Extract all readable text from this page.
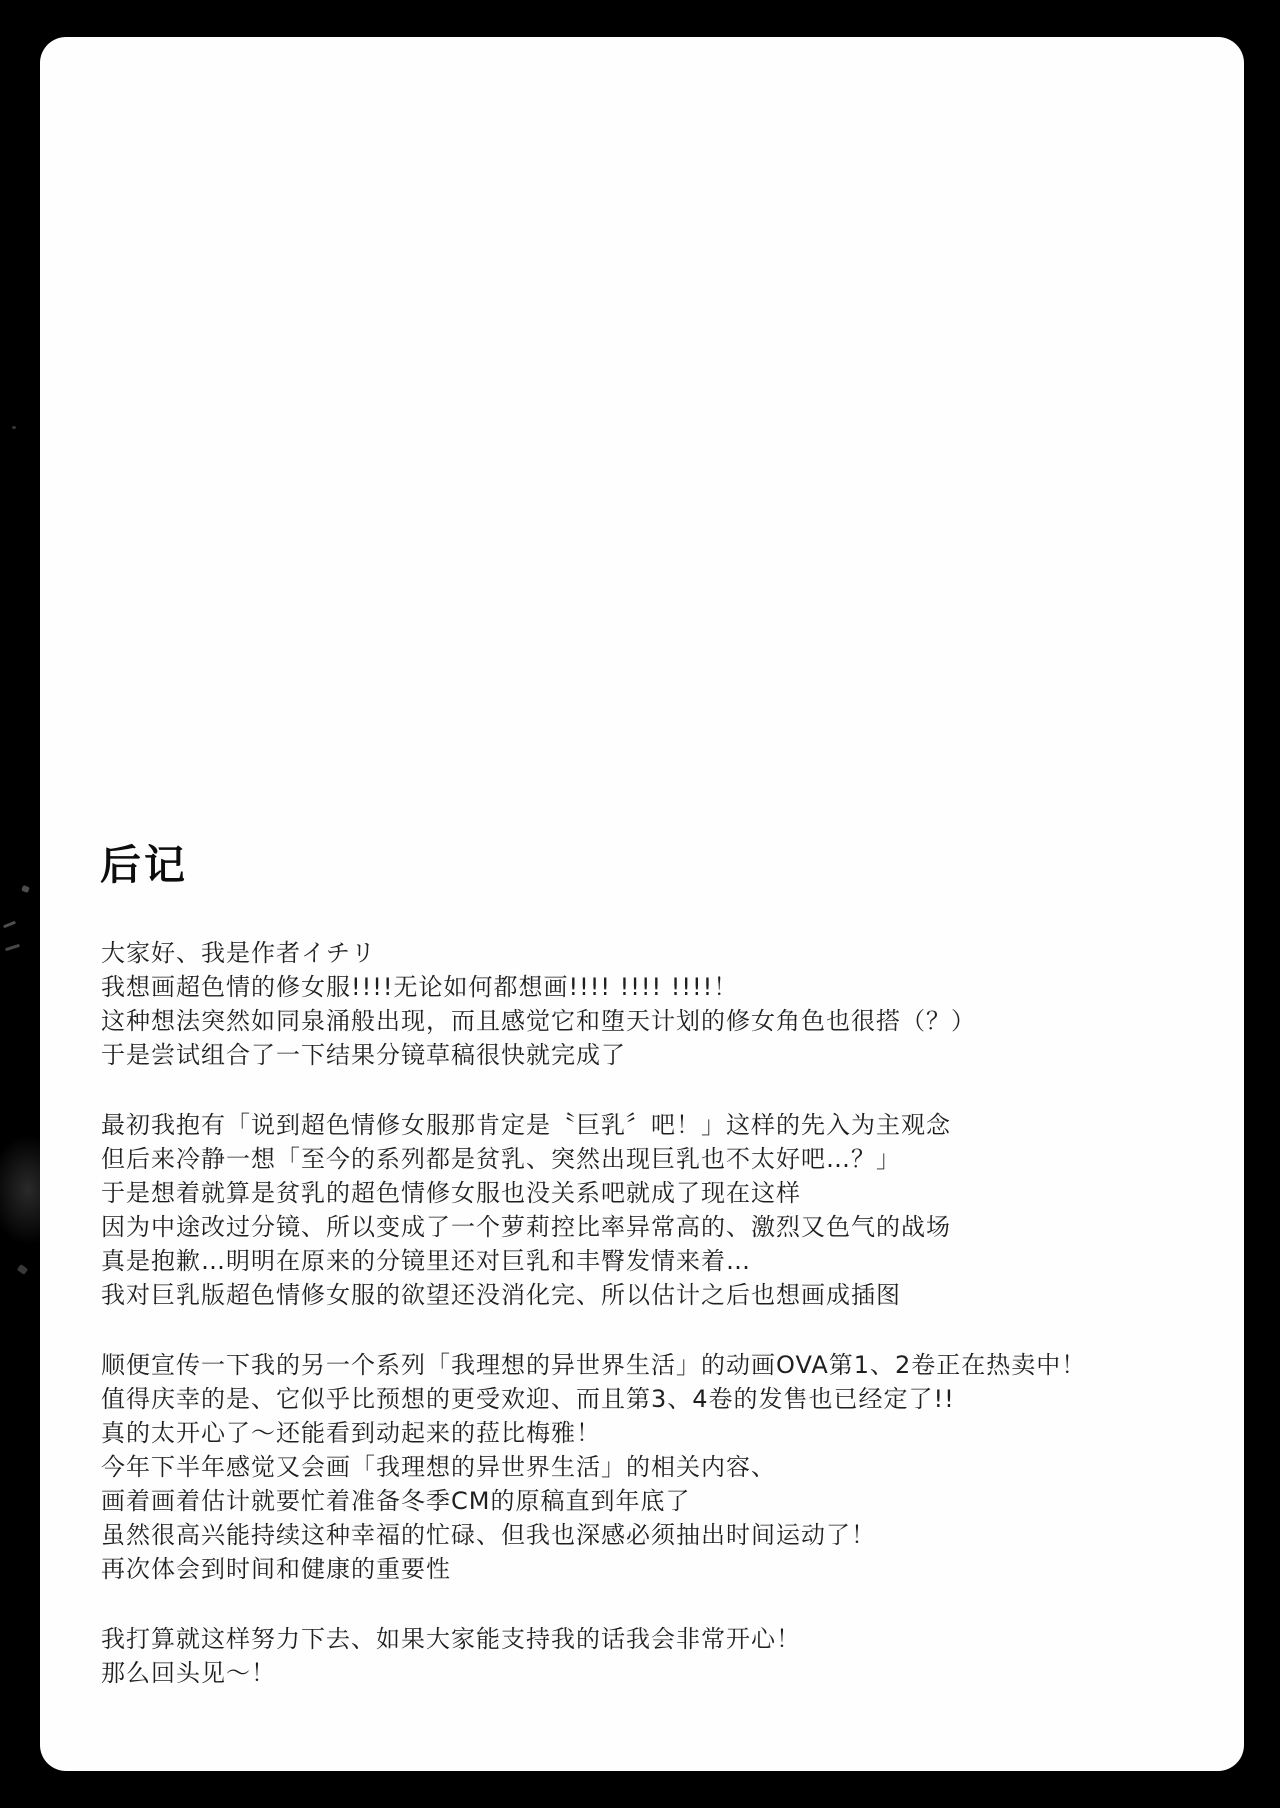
后记
大家好、我是作者イチリ
我想画超色情的修女服!!!!无论如何都想画!!!! !!!! !!!!！
这种想法突然如同泉涌般出现，而且感觉它和堕天计划的修女角色也很搭（？）
于是尝试组合了一下结果分镜草稿很快就完成了
最初我抱有「说到超色情修女服那肯定是〝巨乳〞吧！」这样的先入为主观念
但后来冷静一想「至今的系列都是贫乳、突然出现巨乳也不太好吧…？」
于是想着就算是贫乳的超色情修女服也没关系吧就成了现在这样
因为中途改过分镜、所以变成了一个萝莉控比率异常高的、激烈又色气的战场
真是抱歉…明明在原来的分镜里还对巨乳和丰臀发情来着…
我对巨乳版超色情修女服的欲望还没消化完、所以估计之后也想画成插图
顺便宣传一下我的另一个系列「我理想的异世界生活」的动画OVA第1、2卷正在热卖中！
值得庆幸的是、它似乎比预想的更受欢迎、而且第3、4卷的发售也已经定了!!
真的太开心了～还能看到动起来的菈比梅雅！
今年下半年感觉又会画「我理想的异世界生活」的相关内容、
画着画着估计就要忙着准备冬季CM的原稿直到年底了
虽然很高兴能持续这种幸福的忙碌、但我也深感必须抽出时间运动了！
再次体会到时间和健康的重要性
我打算就这样努力下去、如果大家能支持我的话我会非常开心！
那么回头见～！
